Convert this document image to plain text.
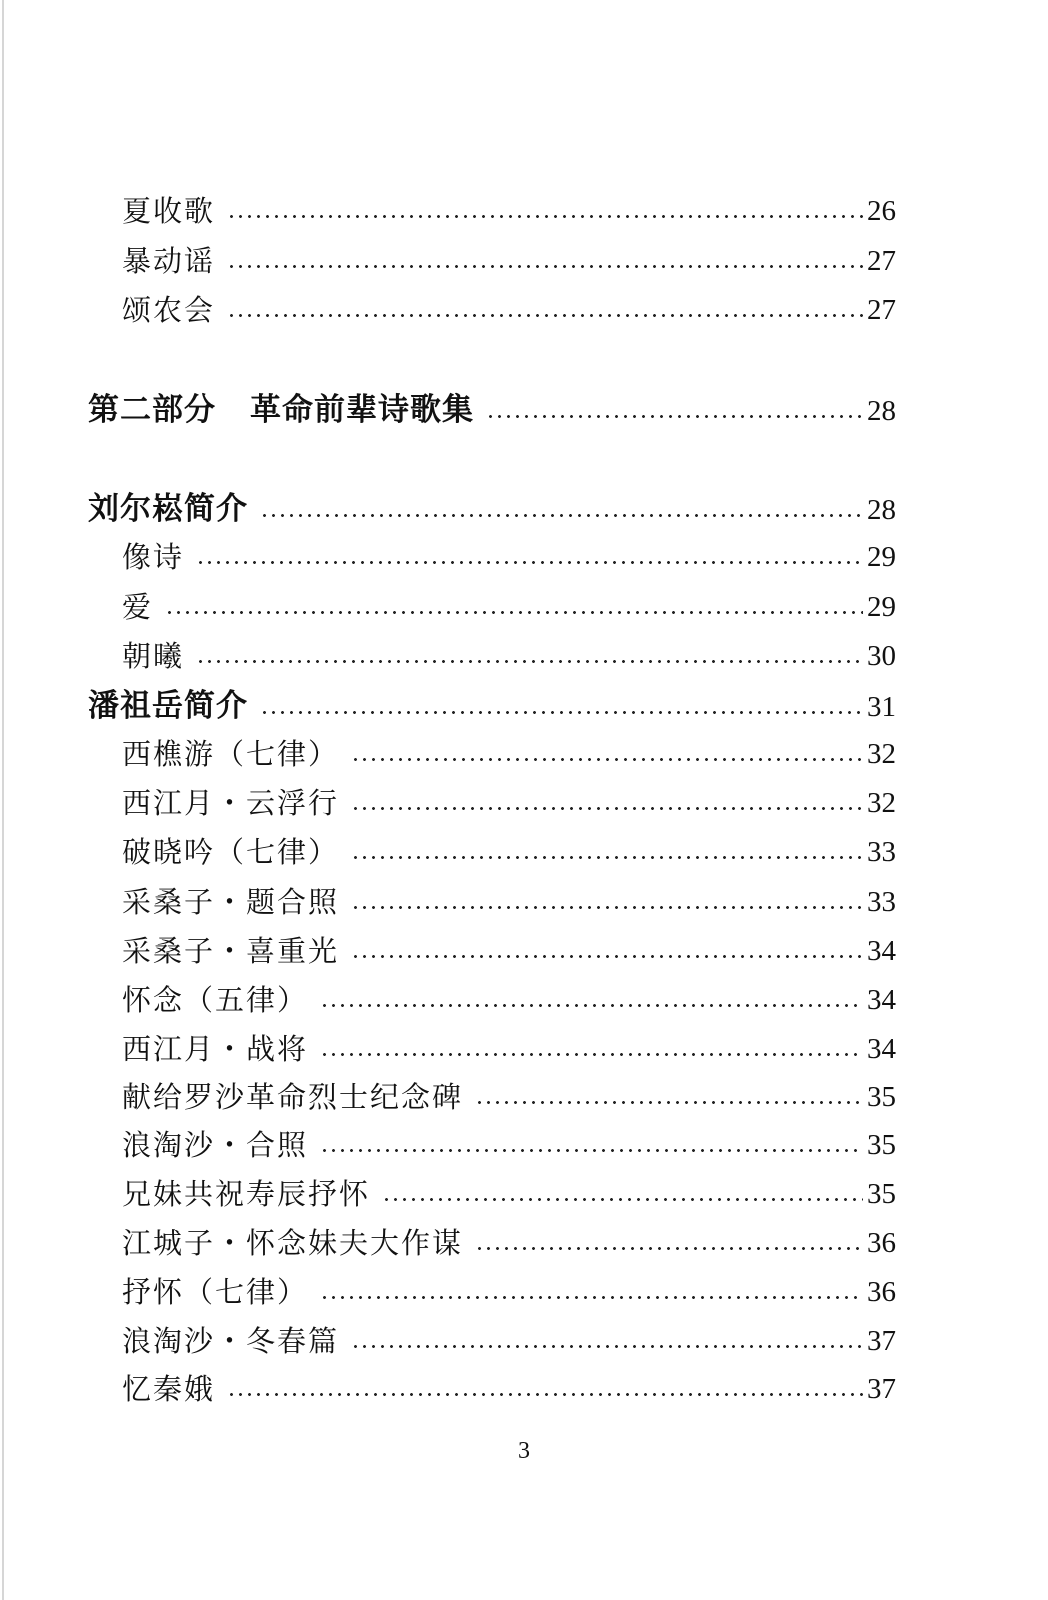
夏收歌	26
暴动谣	27
颂农会	27
第二部分 革命前辈诗歌集	28
刘尔崧简介	28
像诗	29
爱	29
朝曦	30
潘祖岳简介	31
西樵游（七律）	32
西江月・云浮行	32
破晓吟（七律）	33
采桑子・题合照	33
采桑子・喜重光	34
怀念（五律）	34
西江月・战将	34
献给罗沙革命烈士纪念碑	35
浪淘沙・合照	35
兄妹共祝寿辰抒怀	35
江城子・怀念妹夫大作谋	36
抒怀（七律）	36
浪淘沙・冬春篇	37
忆秦娥	37
3
